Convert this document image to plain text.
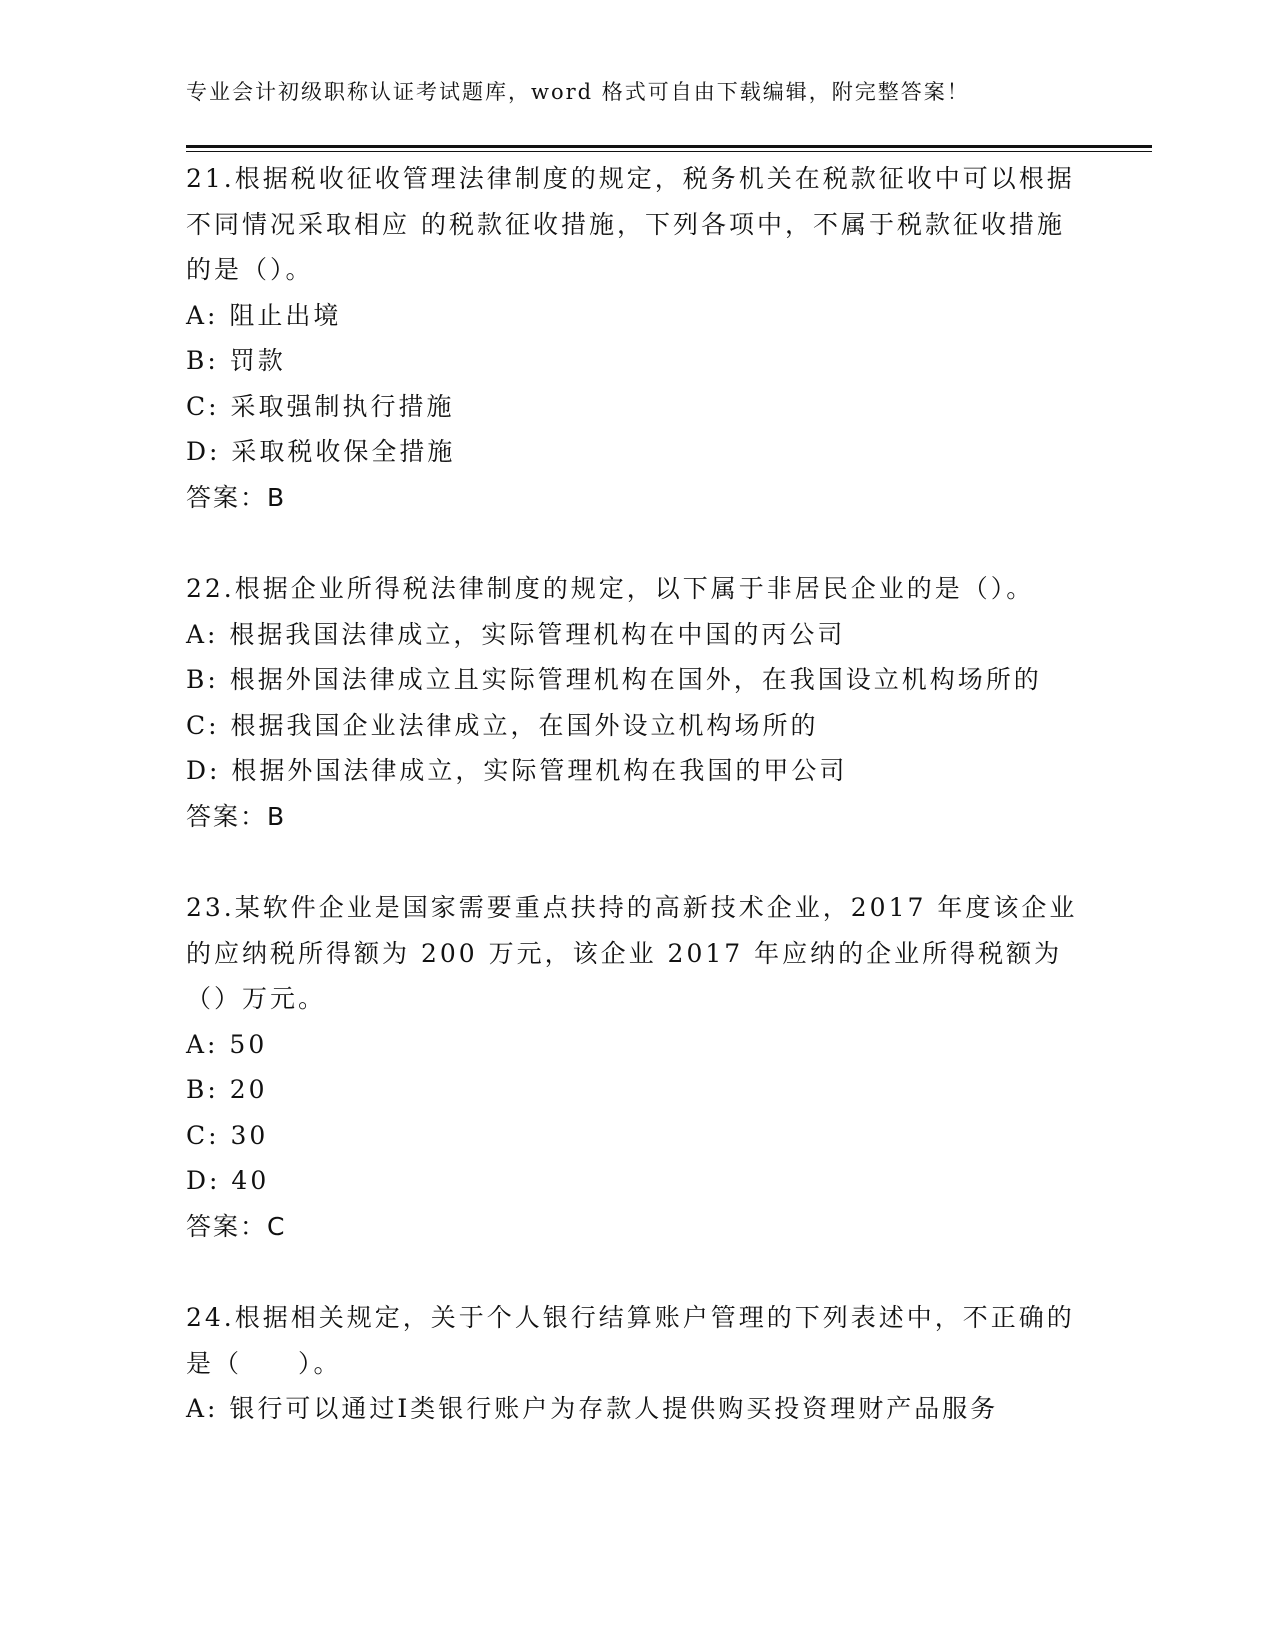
专业会计初级职称认证考试题库，word 格式可自由下载编辑，附完整答案！

21.根据税收征收管理法律制度的规定，税务机关在税款征收中可以根据不同情况采取相应 的税款征收措施，下列各项中，不属于税款征收措施的是（）。

A: 阻止出境

B: 罚款

C: 采取强制执行措施

D: 采取税收保全措施

答案：B

22.根据企业所得税法律制度的规定，以下属于非居民企业的是（）。

A: 根据我国法律成立，实际管理机构在中国的丙公司

B: 根据外国法律成立且实际管理机构在国外，在我国设立机构场所的

C: 根据我国企业法律成立，在国外设立机构场所的

D: 根据外国法律成立，实际管理机构在我国的甲公司

答案：B

23.某软件企业是国家需要重点扶持的高新技术企业，2017 年度该企业的应纳税所得额为 200 万元，该企业 2017 年应纳的企业所得税额为（）万元。

A: 50

B: 20

C: 30

D: 40

答案：C

24.根据相关规定，关于个人银行结算账户管理的下列表述中，不正确的是（　　）。

A: 银行可以通过Ⅰ类银行账户为存款人提供购买投资理财产品服务
